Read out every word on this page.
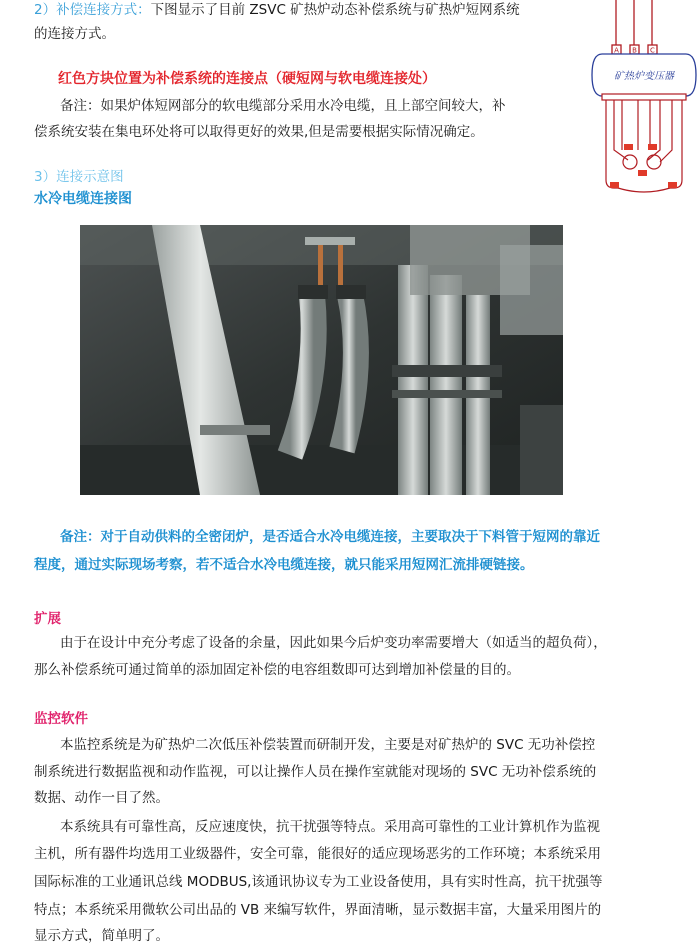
2）补偿连接方式：下图显示了目前 ZSVC 矿热炉动态补偿系统与矿热炉短网系统
的连接方式。
红色方块位置为补偿系统的连接点（硬短网与软电缆连接处）
备注：如果炉体短网部分的软电缆部分采用水冷电缆，且上部空间较大，补
偿系统安装在集电环处将可以取得更好的效果,但是需要根据实际情况确定。
A B C
矿热炉变压器
3）连接示意图
水冷电缆连接图
备注：对于自动供料的全密闭炉，是否适合水冷电缆连接，主要取决于下料管于短网的靠近
程度，通过实际现场考察，若不适合水冷电缆连接，就只能采用短网汇流排硬链接。
扩展
由于在设计中充分考虑了设备的余量，因此如果今后炉变功率需要增大（如适当的超负荷），
那么补偿系统可通过简单的添加固定补偿的电容组数即可达到增加补偿量的目的。
监控软件
本监控系统是为矿热炉二次低压补偿装置而研制开发，主要是对矿热炉的 SVC 无功补偿控
制系统进行数据监视和动作监视，可以让操作人员在操作室就能对现场的 SVC 无功补偿系统的
数据、动作一目了然。
本系统具有可靠性高，反应速度快，抗干扰强等特点。采用高可靠性的工业计算机作为监视
主机，所有器件均选用工业级器件，安全可靠，能很好的适应现场恶劣的工作环境；本系统采用
国际标准的工业通讯总线 MODBUS,该通讯协议专为工业设备使用，具有实时性高，抗干扰强等
特点；本系统采用微软公司出品的 VB 来编写软件，界面清晰，显示数据丰富，大量采用图片的
显示方式，简单明了。
